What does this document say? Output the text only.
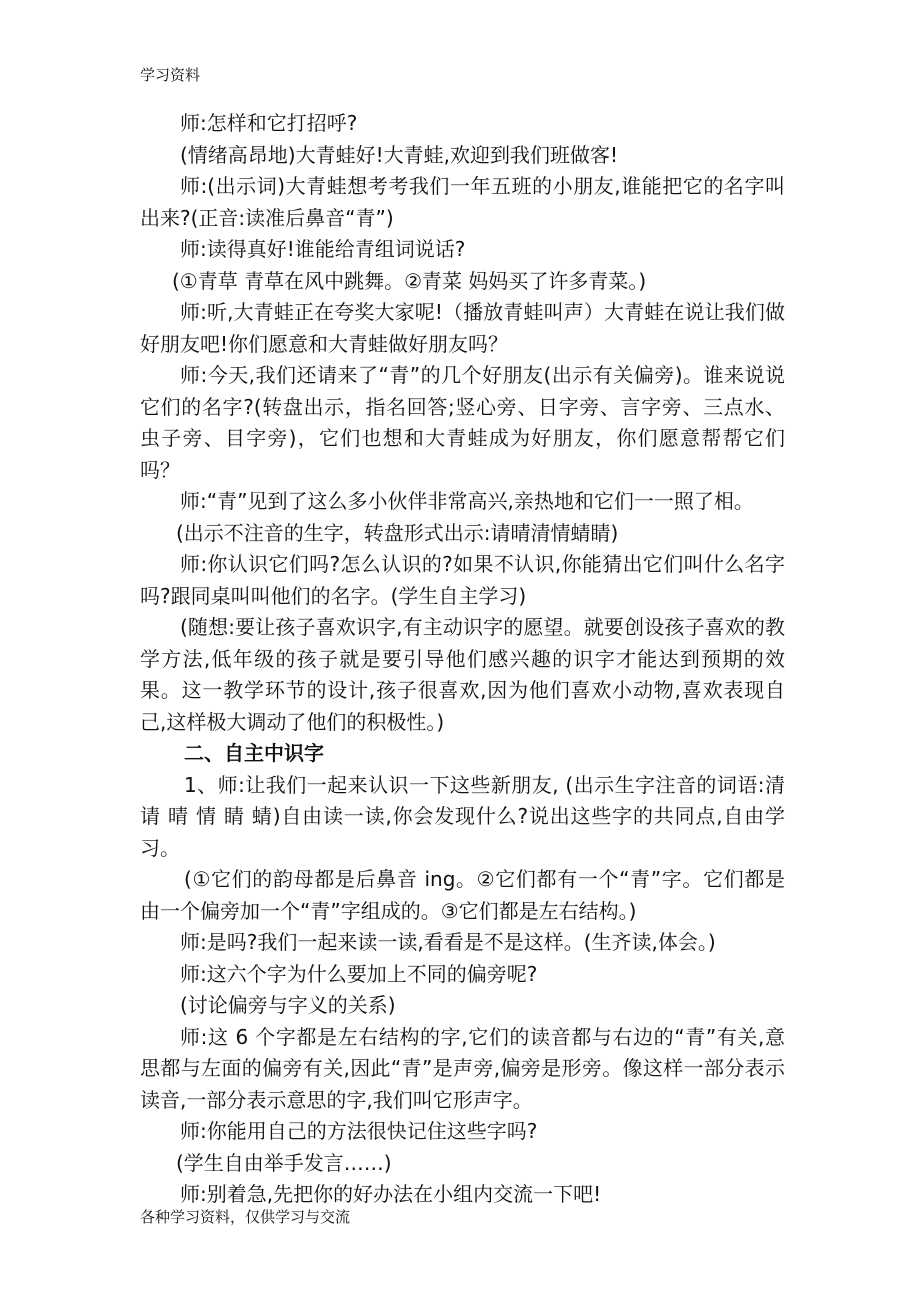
学习资料

师:怎样和它打招呼?

(情绪高昂地)大青蛙好!大青蛙,欢迎到我们班做客!

师:(出示词)大青蛙想考考我们一年五班的小朋友,谁能把它的名字叫出来?(正音:读准后鼻音“青”)

师:读得真好!谁能给青组词说话?

(①青草 青草在风中跳舞。②青菜 妈妈买了许多青菜。)

师:听,大青蛙正在夸奖大家呢!（播放青蛙叫声）大青蛙在说让我们做好朋友吧!你们愿意和大青蛙做好朋友吗？

师:今天,我们还请来了“青”的几个好朋友(出示有关偏旁)。谁来说说它们的名字?(转盘出示，指名回答;竖心旁、日字旁、言字旁、三点水、虫子旁、目字旁)，它们也想和大青蛙成为好朋友，你们愿意帮帮它们吗？

师:“青”见到了这么多小伙伴非常高兴,亲热地和它们一一照了相。

(出示不注音的生字，转盘形式出示:请晴清情蜻睛)

师:你认识它们吗?怎么认识的?如果不认识,你能猜出它们叫什么名字吗?跟同桌叫叫他们的名字。(学生自主学习)

(随想:要让孩子喜欢识字,有主动识字的愿望。就要创设孩子喜欢的教学方法,低年级的孩子就是要引导他们感兴趣的识字才能达到预期的效果。这一教学环节的设计,孩子很喜欢,因为他们喜欢小动物,喜欢表现自己,这样极大调动了他们的积极性。)

二、自主中识字

1、师:让我们一起来认识一下这些新朋友, (出示生字注音的词语:清 请 晴 情 睛 蜻)自由读一读,你会发现什么?说出这些字的共同点,自由学习。

(①它们的韵母都是后鼻音 ing。②它们都有一个“青”字。它们都是由一个偏旁加一个“青”字组成的。③它们都是左右结构。)

师:是吗?我们一起来读一读,看看是不是这样。(生齐读,体会。)

师:这六个字为什么要加上不同的偏旁呢?

(讨论偏旁与字义的关系)

师:这 6 个字都是左右结构的字,它们的读音都与右边的“青”有关,意思都与左面的偏旁有关,因此“青”是声旁,偏旁是形旁。像这样一部分表示读音,一部分表示意思的字,我们叫它形声字。

师:你能用自己的方法很快记住这些字吗?

(学生自由举手发言……)

师:别着急,先把你的好办法在小组内交流一下吧!

各种学习资料，仅供学习与交流
